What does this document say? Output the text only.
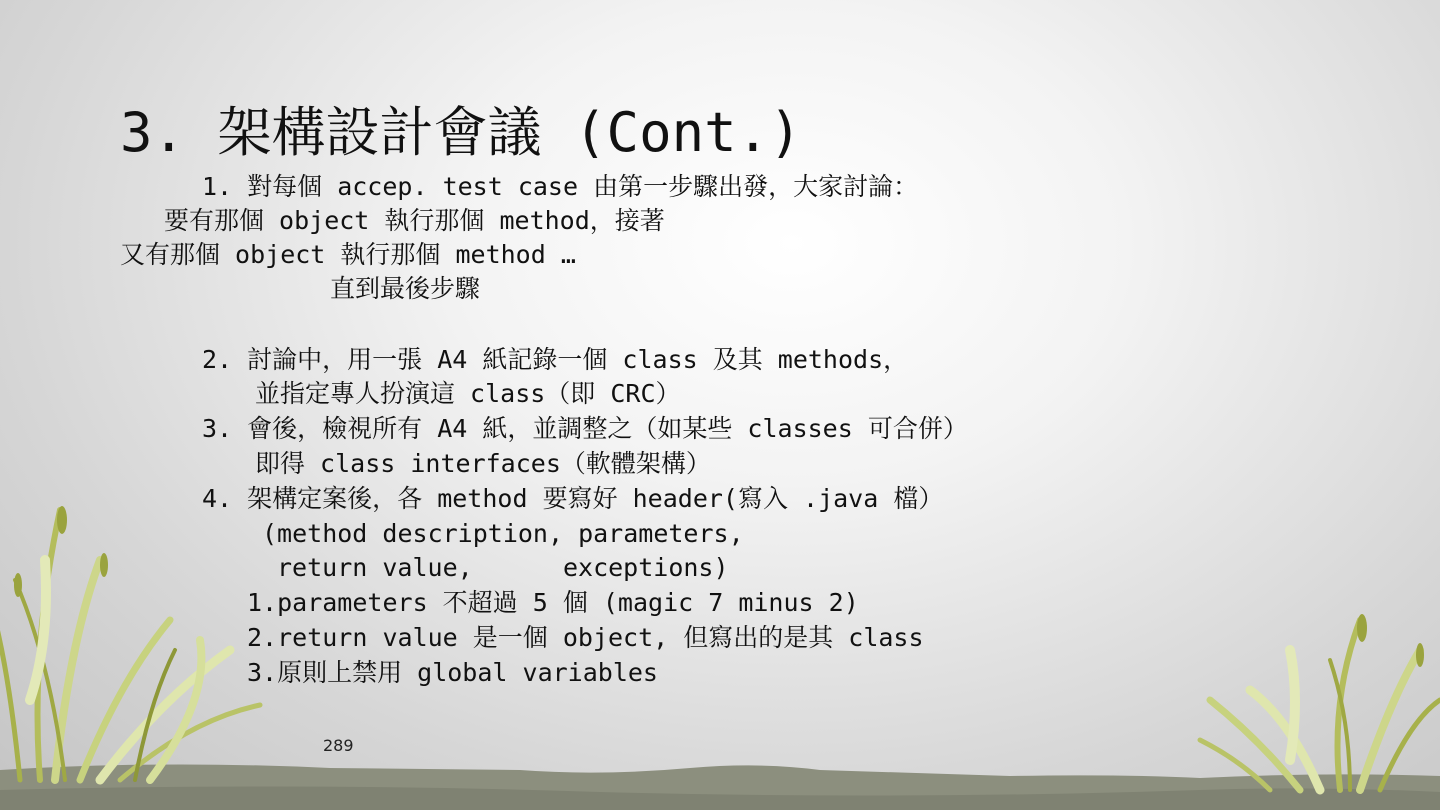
3. 架構設計會議 (Cont.)
1. 對每個 accep. test case 由第一步驟出發，大家討論：
要有那個 object 執行那個 method，接著
又有那個 object 執行那個 method …
直到最後步驟
2. 討論中，用一張 A4 紙記錄一個 class 及其 methods，
並指定專人扮演這 class（即 CRC）
3. 會後，檢視所有 A4 紙，並調整之（如某些 classes 可合併）
即得 class interfaces（軟體架構）
4. 架構定案後，各 method 要寫好 header(寫入 .java 檔）
(method description, parameters,
return value,      exceptions)
1.parameters 不超過 5 個 (magic 7 minus 2)
2.return value 是一個 object, 但寫出的是其 class
3.原則上禁用 global variables
289
